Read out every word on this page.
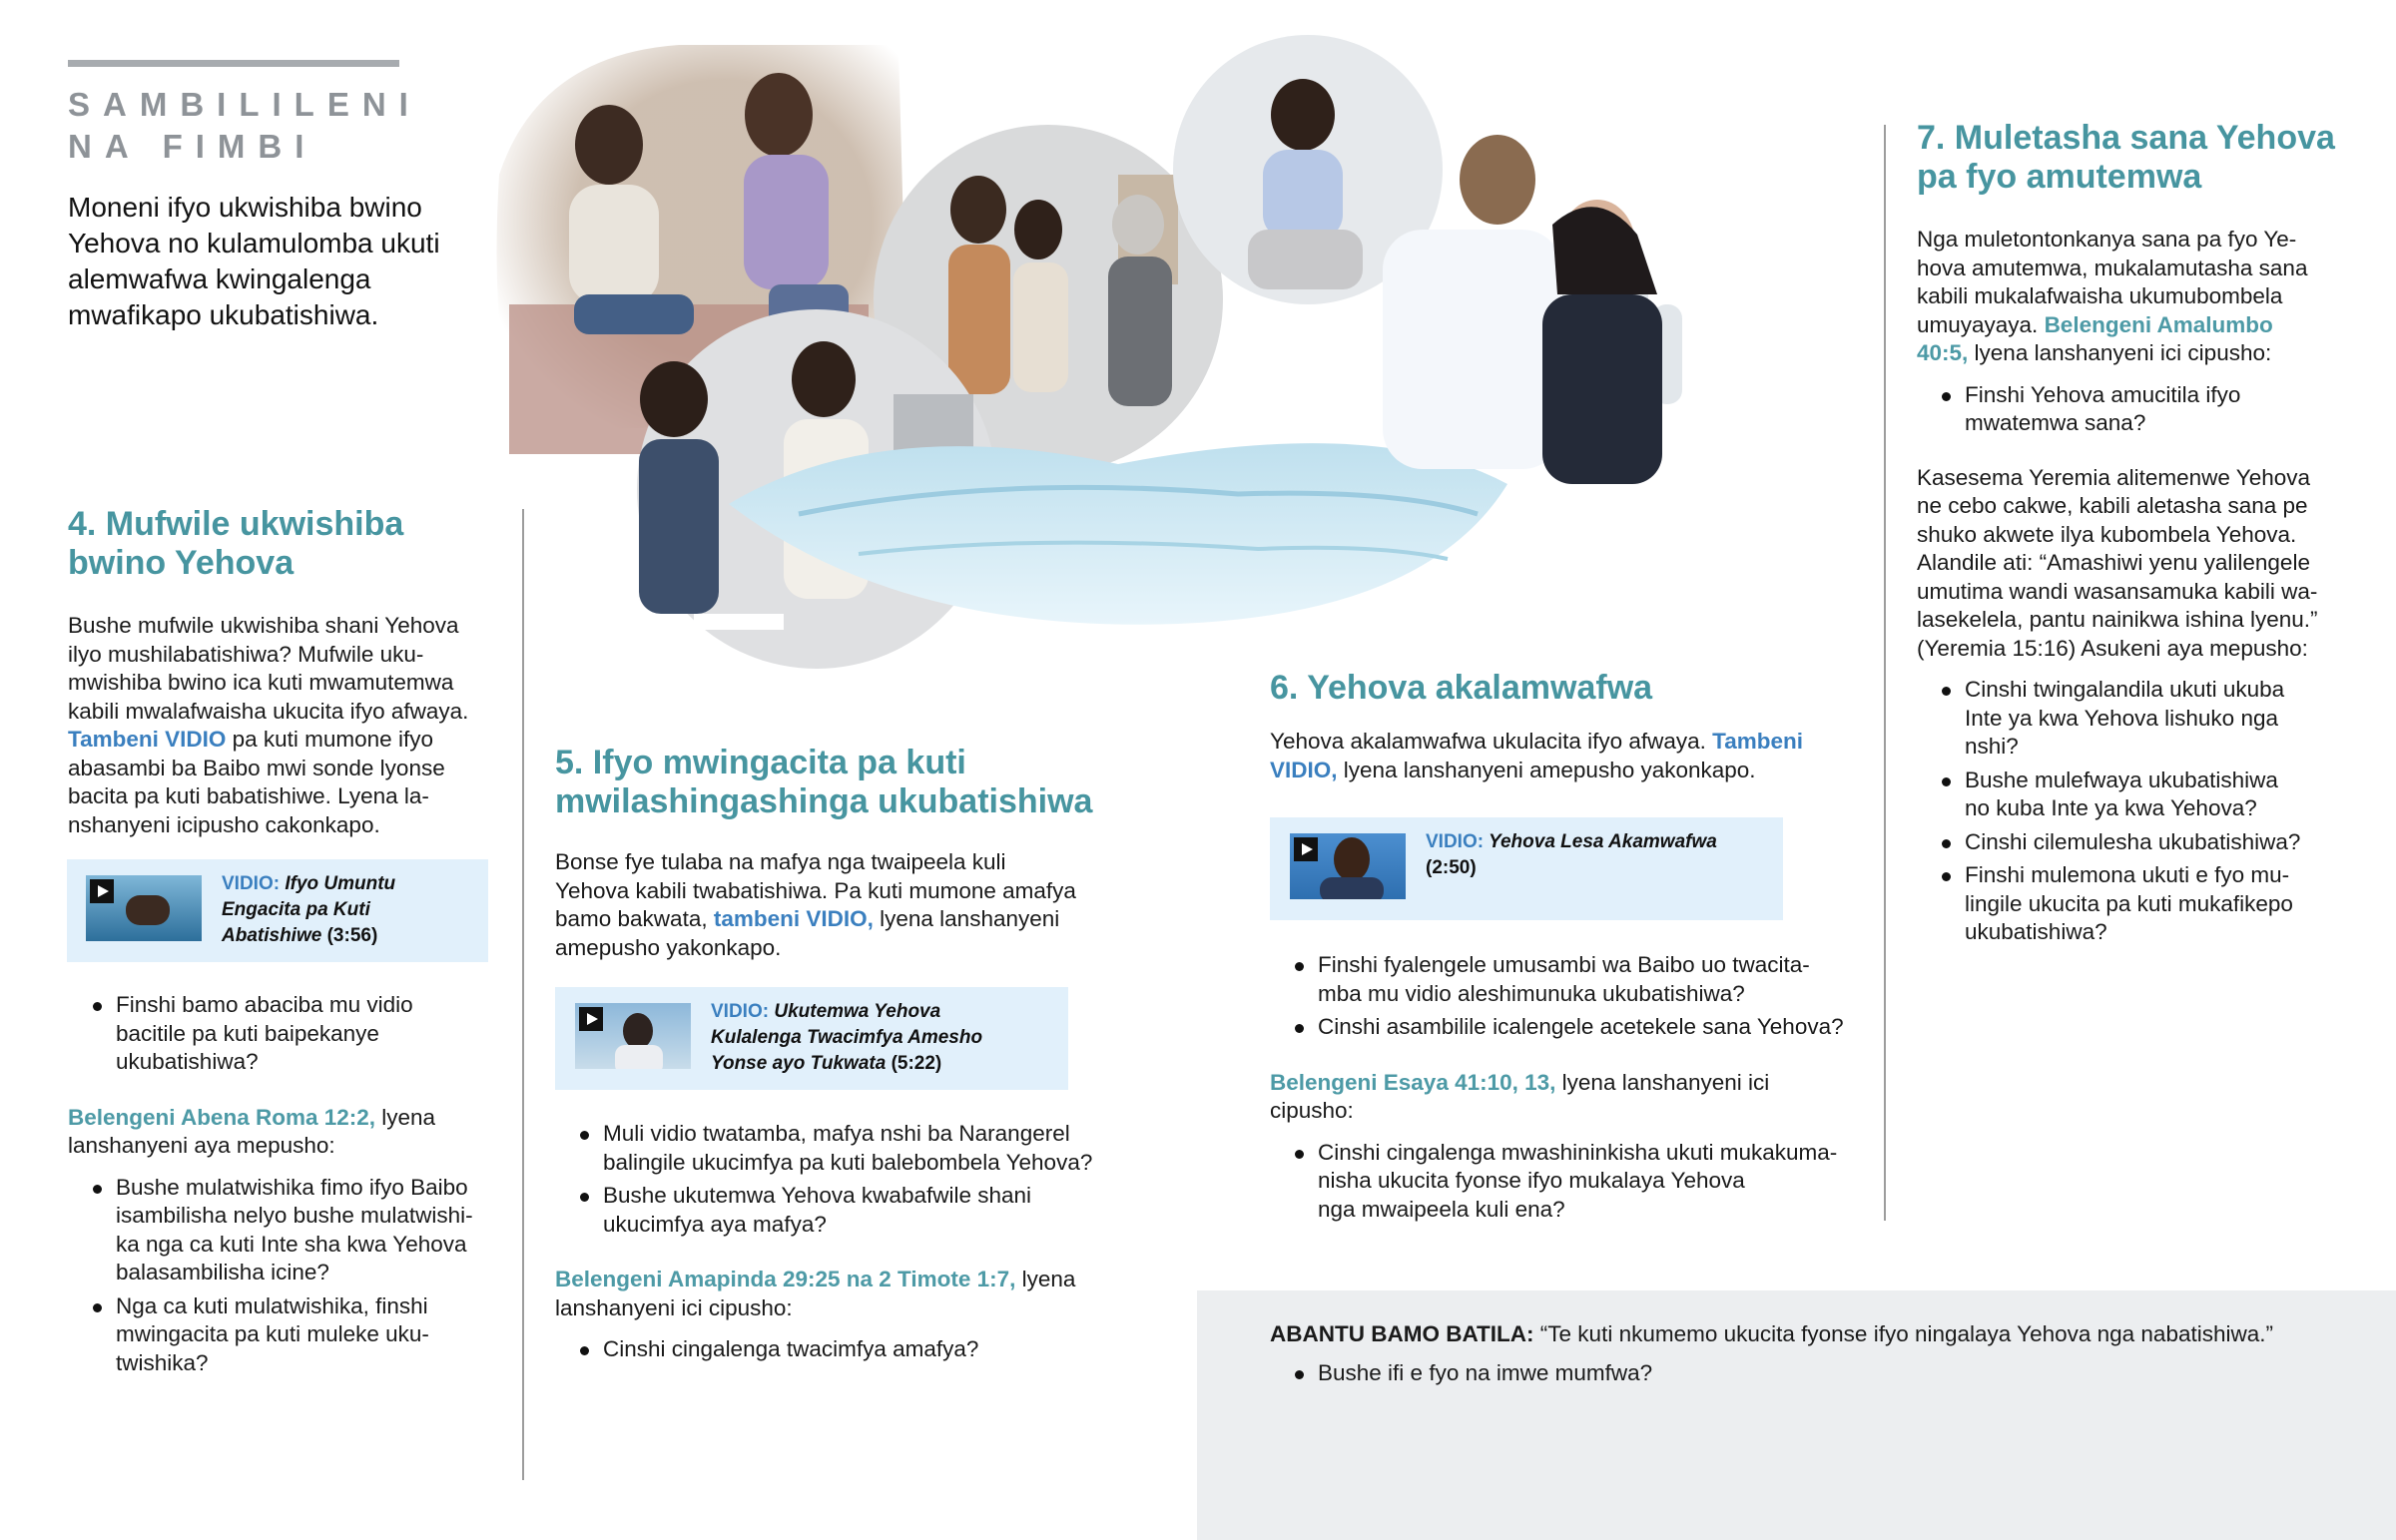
SAMBILILENI
NA FIMBI
Moneni ifyo ukwishiba bwino Yehova no kulamulomba ukuti alemwafwa kwingalenga mwafikapo ukubatishiwa.
4. Mufwile ukwishiba
bwino Yehova
Bushe mufwile ukwishiba shani Yehova
ilyo mushilabatishiwa? Mufwile uku-
mwishiba bwino ica kuti mwamutemwa
kabili mwalafwaisha ukucita ifyo afwaya.
Tambeni VIDIO pa kuti mumone ifyo
abasambi ba Baibo mwi sonde lyonse
bacita pa kuti babatishiwe. Lyena la-
nshanyeni icipusho cakonkapo.
VIDIO: Ifyo Umuntu
Engacita pa Kuti
Abatishiwe (3:56)
Finshi bamo abaciba mu vidio
bacitile pa kuti baipekanye
ukubatishiwa?
Belengeni Abena Roma 12:2, lyena
lanshanyeni aya mepusho:
Bushe mulatwishika fimo ifyo Baibo
isambilisha nelyo bushe mulatwishi-
ka nga ca kuti Inte sha kwa Yehova
balasambilisha icine?
Nga ca kuti mulatwishika, finshi
mwingacita pa kuti muleke uku-
twishika?
5. Ifyo mwingacita pa kuti
mwilashingashinga ukubatishiwa
Bonse fye tulaba na mafya nga twaipeela kuli
Yehova kabili twabatishiwa. Pa kuti mumone amafya
bamo bakwata, tambeni VIDIO, lyena lanshanyeni
amepusho yakonkapo.
VIDIO: Ukutemwa Yehova
Kulalenga Twacimfya Amesho
Yonse ayo Tukwata (5:22)
Muli vidio twatamba, mafya nshi ba Narangerel
balingile ukucimfya pa kuti balebombela Yehova?
Bushe ukutemwa Yehova kwabafwile shani
ukucimfya aya mafya?
Belengeni Amapinda 29:25 na 2 Timote 1:7, lyena
lanshanyeni ici cipusho:
Cinshi cingalenga twacimfya amafya?
6. Yehova akalamwafwa
Yehova akalamwafwa ukulacita ifyo afwaya. Tambeni
VIDIO, lyena lanshanyeni amepusho yakonkapo.
VIDIO: Yehova Lesa Akamwafwa
(2:50)
Finshi fyalengele umusambi wa Baibo uo twacita-
mba mu vidio aleshimunuka ukubatishiwa?
Cinshi asambilile icalengele acetekele sana Yehova?
Belengeni Esaya 41:10, 13, lyena lanshanyeni ici
cipusho:
Cinshi cingalenga mwashininkisha ukuti mukakuma-
nisha ukucita fyonse ifyo mukalaya Yehova
nga mwaipeela kuli ena?
7. Muletasha sana Yehova
pa fyo amutemwa
Nga muletontonkanya sana pa fyo Ye-
hova amutemwa, mukalamutasha sana
kabili mukalafwaisha ukumubombela
umuyayaya. Belengeni Amalumbo
40:5, lyena lanshanyeni ici cipusho:
Finshi Yehova amucitila ifyo
mwatemwa sana?
Kasesema Yeremia alitemenwe Yehova
ne cebo cakwe, kabili aletasha sana pe
shuko akwete ilya kubombela Yehova.
Alandile ati: “Amashiwi yenu yalilengele
umutima wandi wasansamuka kabili wa-
lasekelela, pantu nainikwa ishina lyenu.”
(Yeremia 15:16) Asukeni aya mepusho:
Cinshi twingalandila ukuti ukuba
Inte ya kwa Yehova lishuko nga
nshi?
Bushe mulefwaya ukubatishiwa
no kuba Inte ya kwa Yehova?
Cinshi cilemulesha ukubatishiwa?
Finshi mulemona ukuti e fyo mu-
lingile ukucita pa kuti mukafikepo
ukubatishiwa?
ABANTU BAMO BATILA: “Te kuti nkumemo ukucita fyonse ifyo ningalaya Yehova nga nabatishiwa.”
Bushe ifi e fyo na imwe mumfwa?
